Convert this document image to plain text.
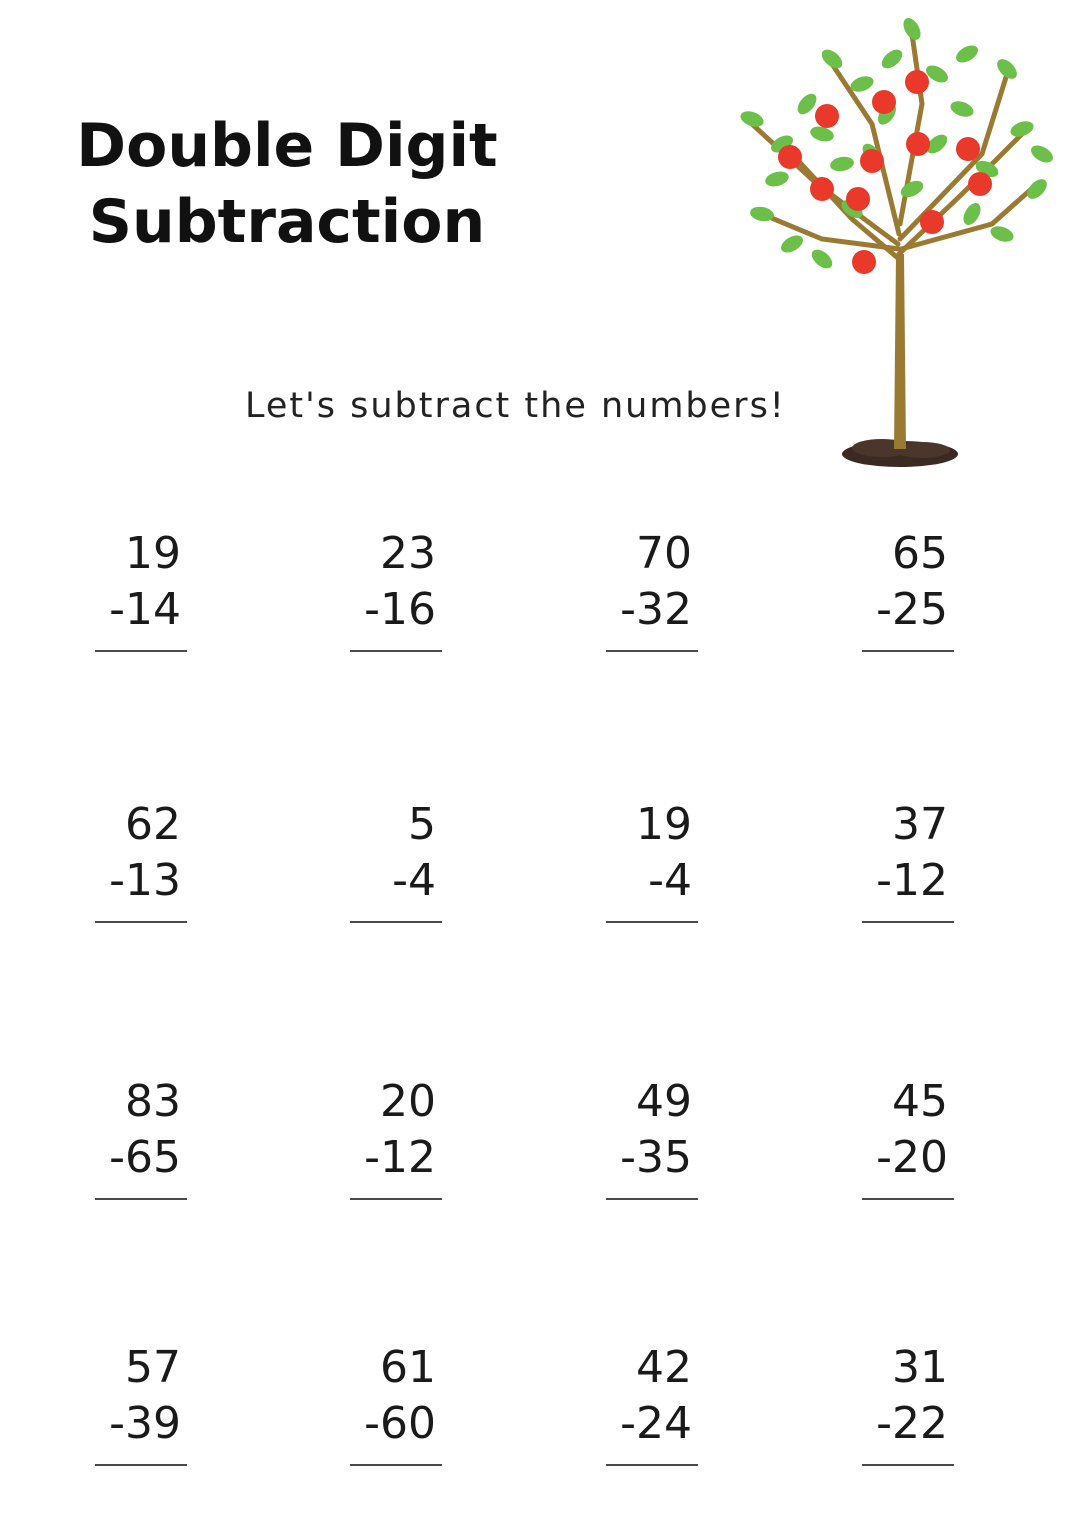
Double Digit
Subtraction
Let's subtract the numbers!
19
-14
23
-16
70
-32
65
-25
62
-13
5
-4
19
-4
37
-12
83
-65
20
-12
49
-35
45
-20
57
-39
61
-60
42
-24
31
-22
